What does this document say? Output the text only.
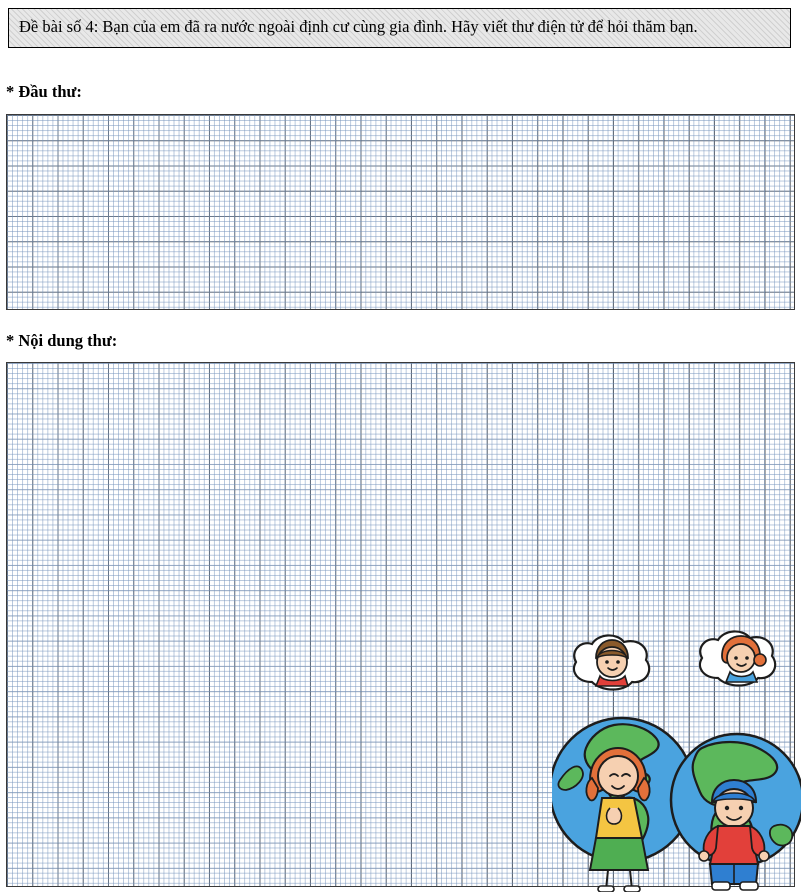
Đề bài số 4: Bạn của em đã ra nước ngoài định cư cùng gia đình. Hãy viết thư điện tử để hỏi thăm bạn.
* Đầu thư:
* Nội dung thư:
